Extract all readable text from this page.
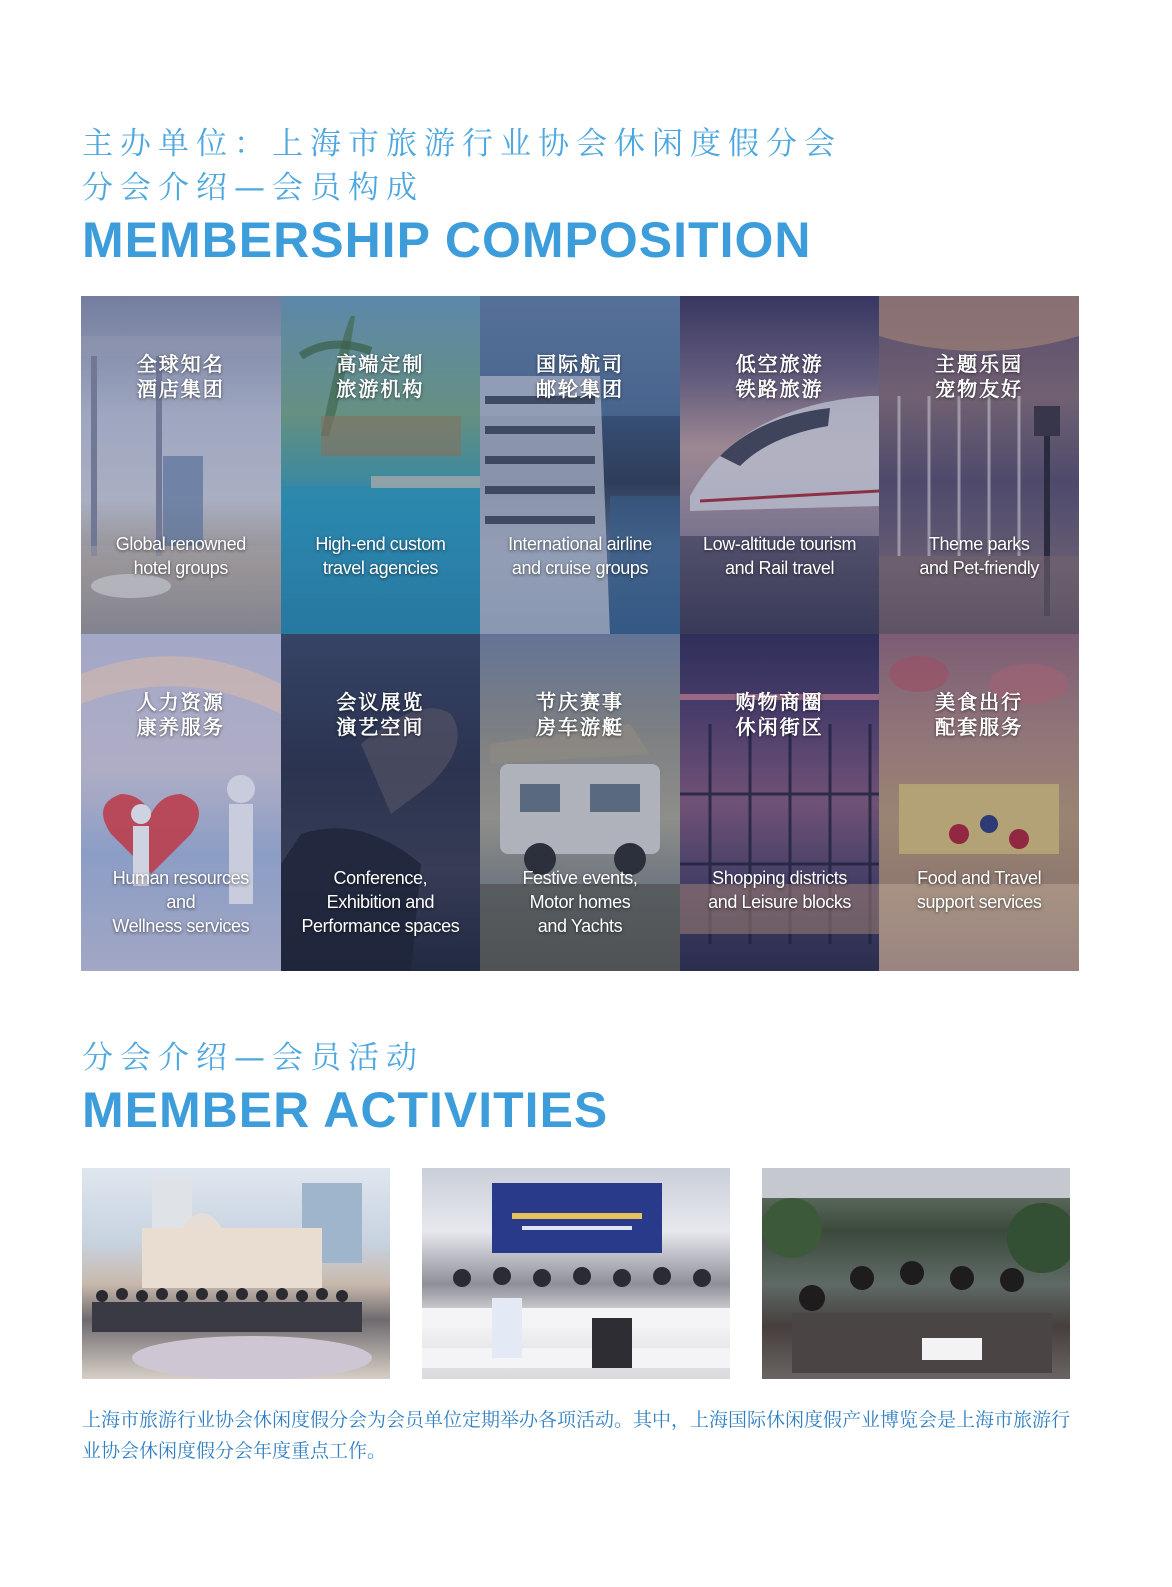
主办单位：上海市旅游行业协会休闲度假分会
分会介绍—会员构成
MEMBERSHIP COMPOSITION
全球知名
酒店集团
Global renowned
hotel groups
高端定制
旅游机构
High-end custom
travel agencies
国际航司
邮轮集团
International airline
and cruise groups
低空旅游
铁路旅游
Low-altitude tourism
and Rail travel
主题乐园
宠物友好
Theme parks
and Pet-friendly
人力资源
康养服务
Human resources
and
Wellness services
会议展览
演艺空间
Conference,
Exhibition and
Performance spaces
节庆赛事
房车游艇
Festive events,
Motor homes
and Yachts
购物商圈
休闲街区
Shopping districts
and Leisure blocks
美食出行
配套服务
Food and Travel
support services
分会介绍—会员活动
MEMBER ACTIVITIES
上海市旅游行业协会休闲度假分会为会员单位定期举办各项活动。其中，上海国际休闲度假产业博览会是上海市旅游行业协会休闲度假分会年度重点工作。
